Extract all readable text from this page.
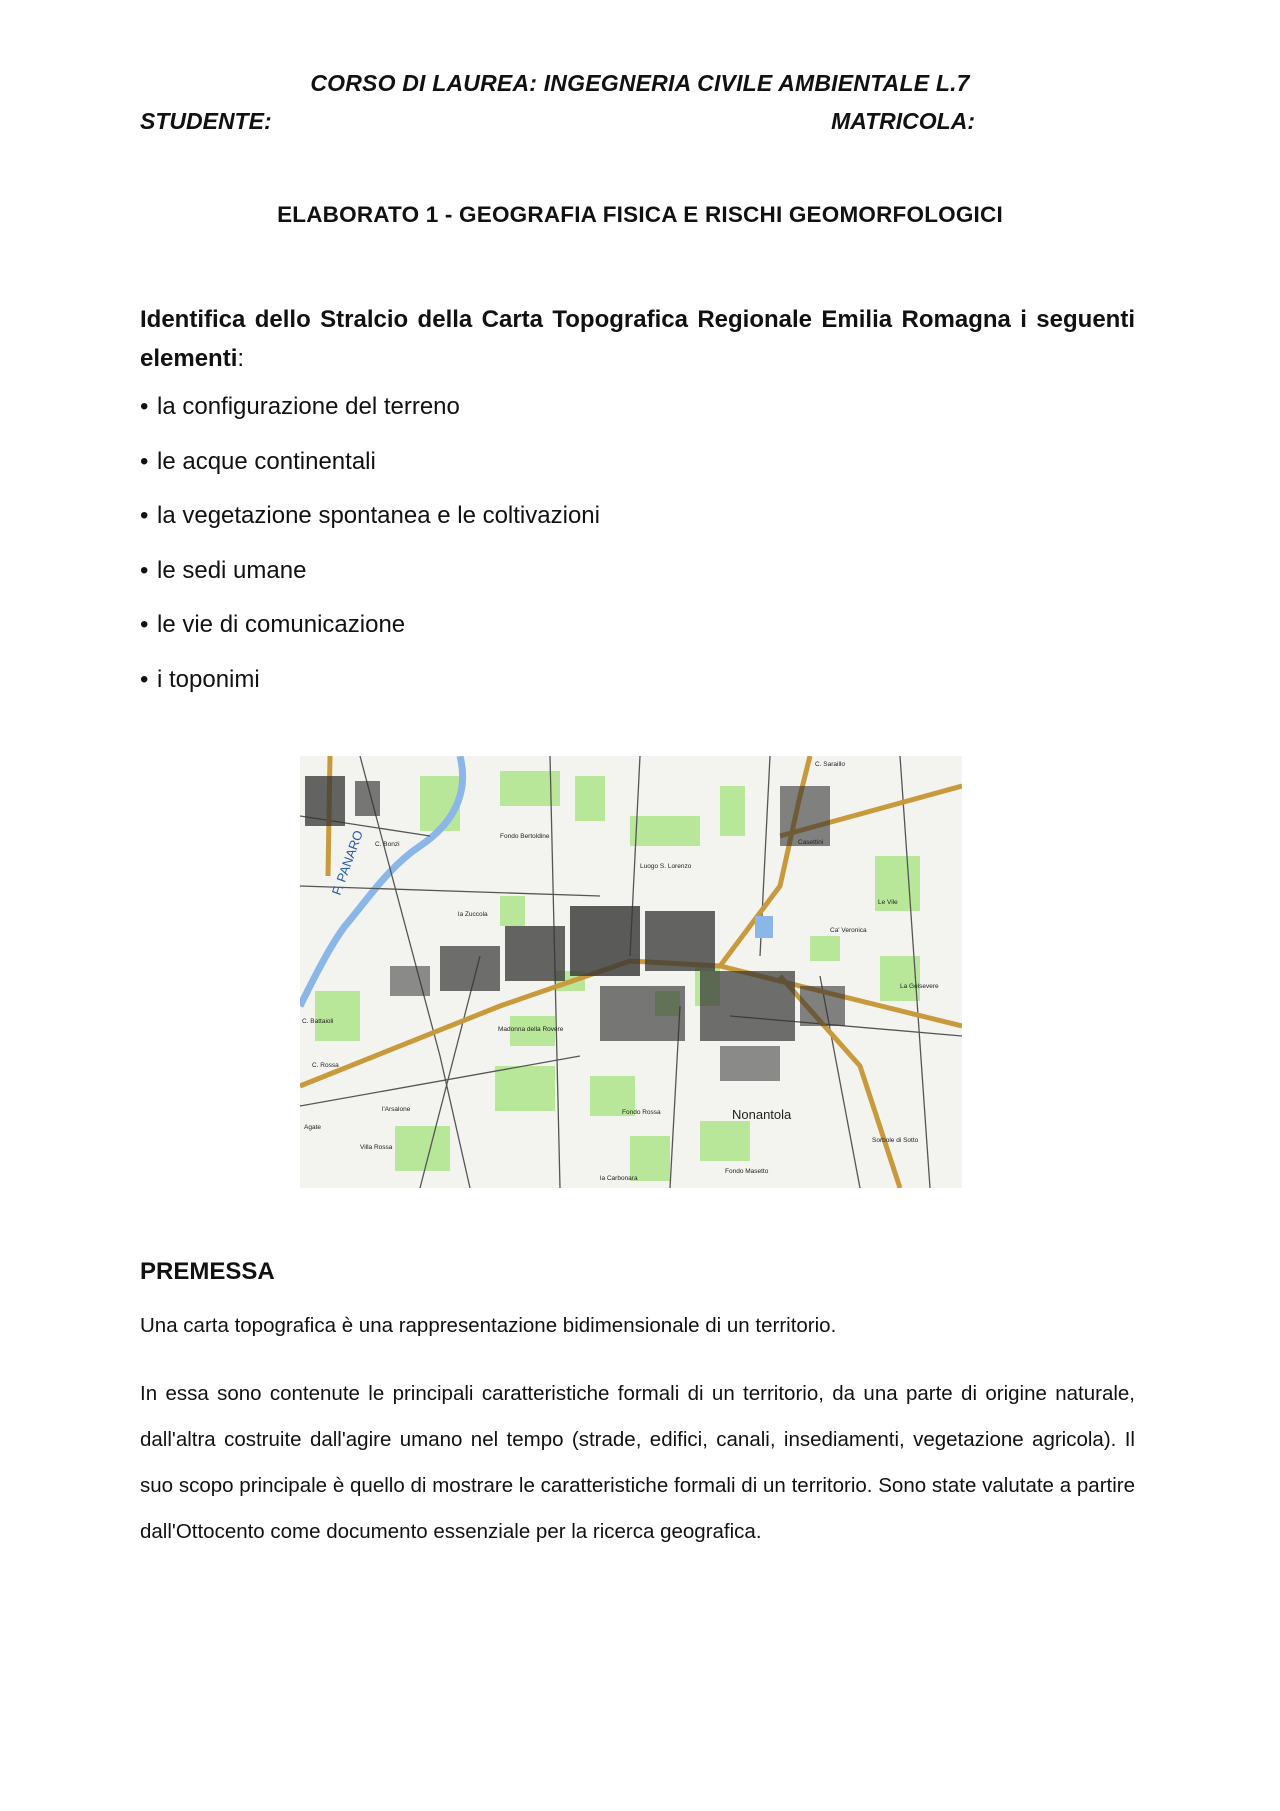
CORSO DI LAUREA: INGEGNERIA CIVILE AMBIENTALE L.7
STUDENTE:	MATRICOLA:
ELABORATO 1 - GEOGRAFIA FISICA E RISCHI GEOMORFOLOGICI
Identifica dello Stralcio della Carta Topografica Regionale Emilia Romagna i seguenti elementi:
• la configurazione del terreno
• le acque continentali
• la vegetazione spontanea e le coltivazioni
• le sedi umane
• le vie di comunicazione
• i toponimi
F. PANARO
Nonantola
C. Saraillo
Casettini
Le Vile
La Gelsevere
la Zuccola
C. Bonzi
Fondo Bertoldine
Luogo S. Lorenzo
C. Battaioli
Madonna della Rovere
C. Rossa
Fondo Rossa
l'Arsalone
Villa Rossa
Agate
la Carbonara
Fondo Masetto
Sorbole di Sotto
Ca' Veronica
PREMESSA
Una carta topografica è una rappresentazione bidimensionale di un territorio.
In essa sono contenute le principali caratteristiche formali di un territorio, da una parte di origine naturale, dall'altra costruite dall'agire umano nel tempo (strade, edifici, canali, insediamenti, vegetazione agricola). Il suo scopo principale è quello di mostrare le caratteristiche formali di un territorio. Sono state valutate a partire dall'Ottocento come documento essenziale per la ricerca geografica.
